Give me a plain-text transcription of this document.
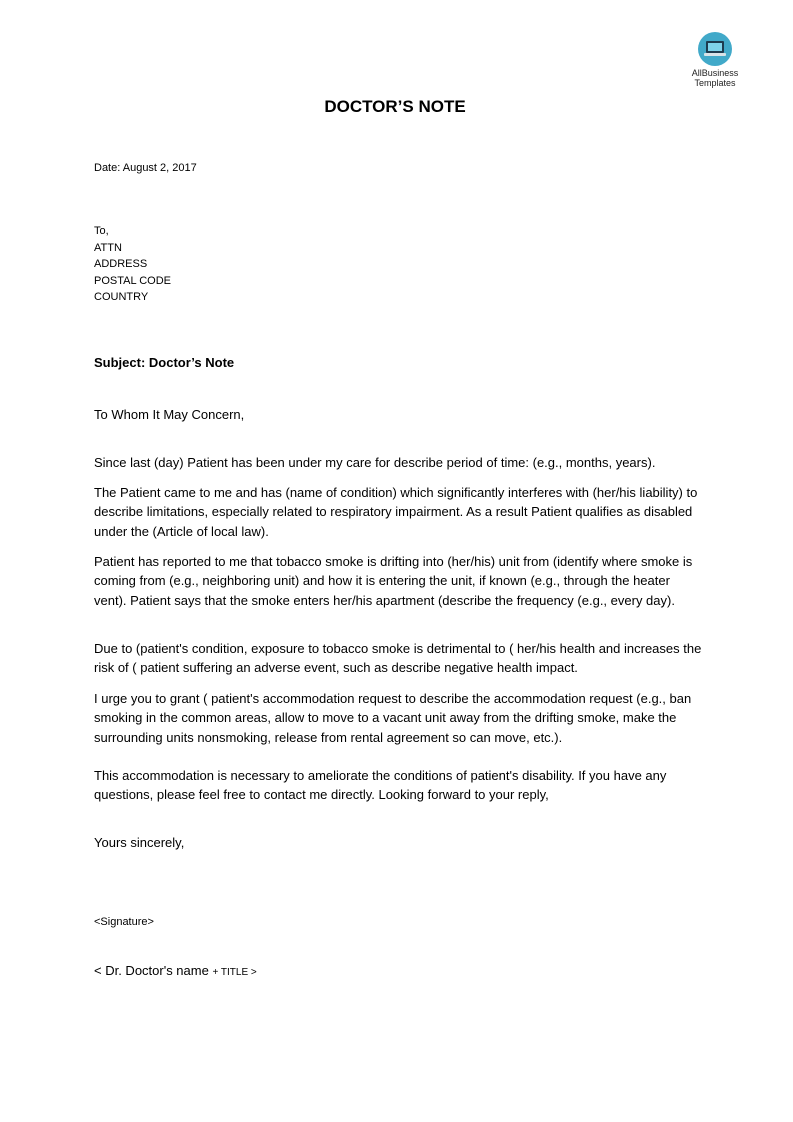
AllBusiness
Templates
DOCTOR’S NOTE
Date: August 2, 2017
To,
ATTN
ADDRESS
POSTAL CODE
COUNTRY
Subject: Doctor’s Note

To Whom It May Concern,

Since last (day) Patient has been under my care for describe period of time: (e.g., months, years).

The Patient came to me and has (name of condition) which significantly interferes with (her/his liability) to describe limitations, especially related to respiratory impairment. As a result Patient qualifies as disabled under the (Article of local law).

Patient has reported to me that tobacco smoke is drifting into (her/his) unit from (identify where smoke is coming from (e.g., neighboring unit) and how it is entering the unit, if known (e.g., through the heater vent). Patient says that the smoke enters her/his apartment (describe the frequency (e.g., every day).

Due to (patient's condition, exposure to tobacco smoke is detrimental to ( her/his health and increases the risk of ( patient suffering an adverse event, such as describe negative health impact.

I urge you to grant ( patient's accommodation request to describe the accommodation request (e.g., ban smoking in the common areas, allow to move to a vacant unit away from the drifting smoke, make the surrounding units nonsmoking, release from rental agreement so can move, etc.).

This accommodation is necessary to ameliorate the conditions of patient's disability. If you have any questions, please feel free to contact me directly. Looking forward to your reply,

Yours sincerely,

<Signature>
< Dr. Doctor's name + TITLE >
